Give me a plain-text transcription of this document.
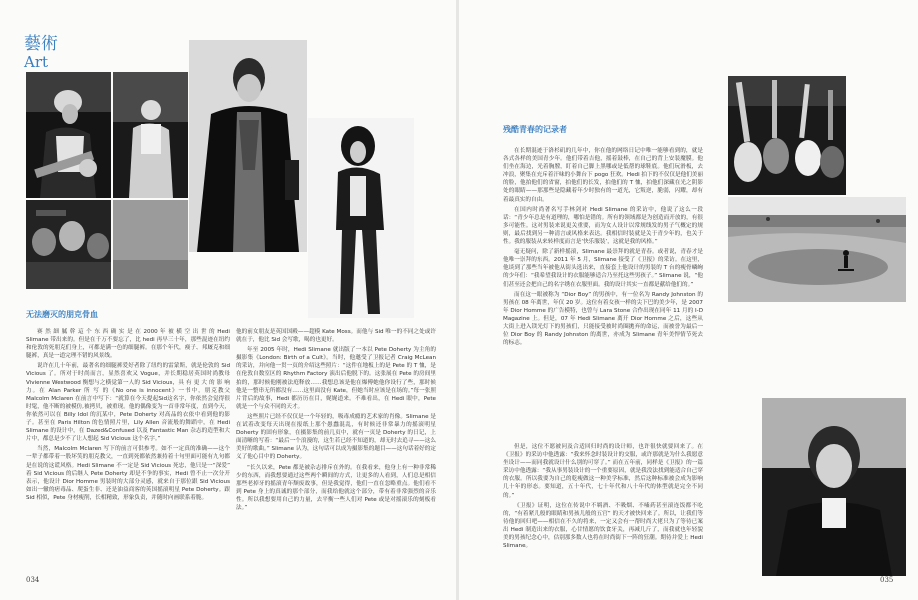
藝術
Art
无法磨灭的朋克骨血

赛 然 細 膩 幹 這 个 东 西 确 实 是 在 2000 年 被 横 空 出 世 的 Hedi Slimane 带出来的。但是在千万不要忘了，比 hedi 再早三十年，那些混迹在纽约和伦敦的死朋克们身上，可都是满一色的细腿裤。在那个年代，痩子、邦厩克和细腿裤，真是一道完理不错的风景线。

说许在几十年前，最著名的细腿裤爱好者除了纽约的雷蒙斯，就是伦敦的 Sid Vicious 了。所对于时尚而言，显然喜欢又 Vogue，并长期稳居英国时尚教母 Vivienne Westwood 衡想与之横觉第一人的 Sid Vicious，具 有 更 大 的 影 响 力。在 Alan Parker 所 写 的《No one is innocent》一书中，朋克教父 Malcolm Mclaren 在前言中写下：“就算在今天提起Sid这名字，你依然会觉得很时髦，他不断的被模仿,被拷贝，被重现。他的偶像变为一首非常年度，直到今天，你依然可以在 Billy Idol 的沉某中，Pete Doherty 对高品的衣依中看到他的影子。甚至在 Paris Hilton 的色情照片里，Lily Allen 音流般的舞蹈中，在 Hedi Slimane 的设计中，在 Dazed&Confused 以及 Fantastic Man 杂志的造型和大片中，都总是少不了让人想起 Sid Vicious 这个名字。”

当然，Malcolm Mclaren 写下的前言可供参考。如不一定真的准确——这个一辈子都带着一股坏笑的朋克教父，一直到死都依然兼持着十句里面可能有九句都是在说的这谎风格。Hedi Slimane 不一定是 Sid Vicious 死忠，他只是一“深爱” 着 Sid Vicious 的后继人 Pete Doherty 却是不争的事实，Hedi 曾不止一次分开表示，他设计 Dior Homme 男装时的大部分灵感，就来自于那位跟 Sid Vicious 如出一辙的痞毒品、爬蛋生非、还是油益商客的英国摇滚明星 Pete Doherty。跟 Sid 相似，Pete 身材瘦削，长相精致，形象负责，并随时向画联系着脆。

他的前女朋友是英国国殿——超模 Kate Moss。而他与 Sid 唯一的不同之处或许就在于，他比 Sid 会写歌，喝的也更好。

年至 2005 年时，Hedi Slimane 就出版了一本以 Pete Doherty 为主角的摄影集《London: Birth of a Cult》。当时，他邀受了卫报记者 Craig McLean 的采访，并向他一贯一页的介绍这些照片：“这件在地板上的是 Pete 的 T 恤，是在伦敦自数室区的 Rhythm Factory 演出后他脱下的。这张展在 Pete 的房间里拍的，那时候他刚被法庭释放……我想总该是他在爆傅她他你设行了些，那时候他是一整串无所都没有……这里面没有 Kate，但她当时应该是在场的。”每一张照片背后的故事，Hedi 都历历在目，娓娓道来。不难看出，在 Hedi 眼中，Pete 就是一个与众不同的天才。

这些照片已经不仅仅是一个年轻的，吸毒成瘾的艺术家的肖像。Slimane 是在试着改变每天出现在报纸上那个愚蠢混乱，有时候还非常暴力的摇滚明星 Doherty 的固有形象，在摄影集的前几页中，就有一页是 Doherty 的日记，上面清晰的写着：“最后一个浪漫的，这生若已经不知道的，却无时去追寻——这么美好的歌曲。” Slimane 认为，这句话可以成为摄影集的题目——这句话着好的定义了他心目中的 Doherty。

“长久以来，Pete 都是被杂志排斥在外的。在我看来，他身上有一种非常稀少的东西，而我想要通过这些两个瞬间的方式，让更多的人看到，人们总是相信那些老掉牙的摇滚青年颓废故事，但是我觉得，他们一直在忽略重点。他们看不到 Pete 身上的真诚的那个部分，而我给他就这个部分，带有着非常强烈的音乐性。所以我想要用自己的力量，去平衡一些人们对 Pete 或是对摇滚乐的刻板看法。”

034
残酷青春的记录者

在长期混迹于洛杉矶的几年中，你在他的网络日记中唯一能够看到的，就是各式各样的美国青少年。他们带着吉他，摇着鼓棒，在自己的背上安装魔膜。他们坐在海边，光着胸膛，盯着自己脚上黑哪或是低帮的球鞋底。他们玩滑板，去冲浪，聚集在充斥着汗味的小舞台下 pogo 狂欢。Hedi 拍下的不仅仅是他们美丽的脸，他拍他们的省窗，拍他们的长发，拍他们的 T 恤，拍他们深藏在光之阴影处的眼睛——那那些是隐藏着年少时独有的一道光，它叛逆，脆弱，闪耀，却有着最真实的自由。

在国内时尚著名写手林剑对 Hedi Slimane 的采访中，他说了这么一段话：“青少年总是有道理的，哪怕是错的。所有的领域都是为创造而开放的，有很多可能性。这对男装来说更关重要，而为女人设计以常规线发的男子气概定的规则，最后找到另一种清言或风格来表达。我相信时装就是关于青少年的，也关于性。我的服装从来转样度而言是‘快乐服装’，这就是我的风格。”

毫无疑问，除了新样摇滚，Slimane 最崇拜的就是青春。或者说，青春才是他唯一崇拜的东西。2011 年 5 月，Slimane 接受了《卫报》的采访。在这里，他谈到了那些当年被他从街头选出来，直接套上他设计的男装的 T 台的瘦骨嶙峋的少年们：“我希望我设计的衣服能够适合乃至托这些男孩子。” Slimane 说，“他们甚至还会把自己的名字绣在衣服里面。我的设计其实一直都是献给他们的。”

而在这一眼被称为 “Dior Boy” 的男孩中，有一位名为 Randy Johnston 的男孩在 08 年离世，年仅 20 岁。这位有着女孩一样的尖下巴的美少年，是 2007 年 Dior Homme 的广告模特，也曾与 Lara Stone 合作出现在同年 11 月的 I-D Magazine 上。但是，07 年 Hedi Slimane 离开 Dior Homme 之后，这些从大街上进入镁光灯下的男孩们，只能接受被时尚圈拋弃的命运，而被誉为最后一位 Dior Boy 的 Randy Johnston 的离世，亦成为 Slimane 青年美悍情节死去的标志。

但是，这位不愿被问及合适回归时尚的设计师，也许很快就要回来了。在《卫报》的采访中他透露：“我来怀念时装设计的交服，或许那就是为什么我愿意坐设计——而同我就设计什么别的可穿了。” 而在五年前，同样是《卫报》的一篇采访中他透露：“我从事男装设计的一个重要原因，就是我没法找到能适合自己穿的衣服。所以我要为自己的乾瘦做这一种美学标准，然后这种标准被会成为影响几十年的形态。要知道，五十年代，七十年代和八十年代的体型就是完全不同的。”

《卫报》证明，这位在传说中不羁酒、不吸烟、不嗑药甚至滚连饭都不吃的，“有着紧儿般的眼睛和男孩儿般的五官” 的天才被快回来了。所以，让我们等待他的回归吧——相信在不久的将来，一定又会有一帮时尚大佬只为了等待已案出 Hedi 制造出来的衣服，心甘情愿的饮食牙关，再减几斤了，而我就也年轻貌美的男孩纪念心中，估别那多数人也将在时尚街下一阵的狂潮。期待并爱上 Hedi Slimane。

035
